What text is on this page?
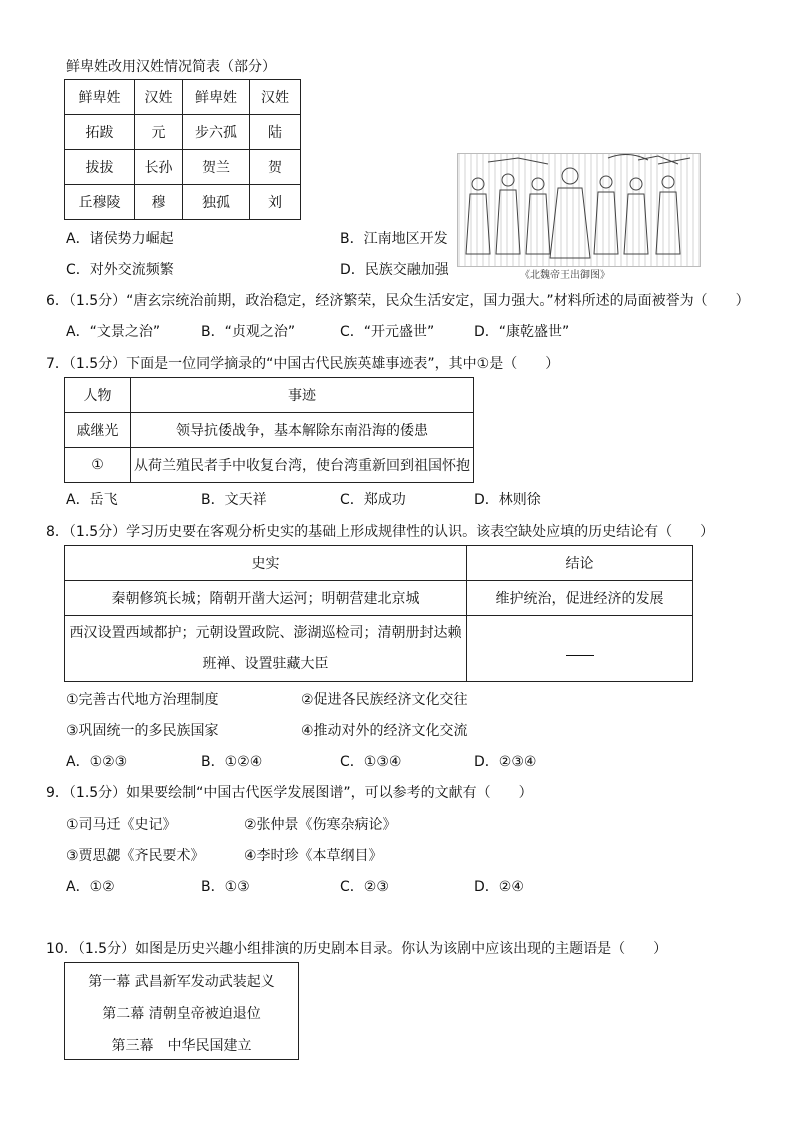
鲜卑姓改用汉姓情况简表（部分）
鲜卑姓	汉姓	鲜卑姓	汉姓
拓跋	元	步六孤	陆
拔拔	长孙	贺兰	贺
丘穆陵	穆	独孤	刘
《北魏帝王出御图》
A．诸侯势力崛起	B．江南地区开发
C．对外交流频繁	D．民族交融加强
6．（1.5分）“唐玄宗统治前期，政治稳定，经济繁荣，民众生活安定，国力强大。”材料所述的局面被誉为（　　）
A．“文景之治”	B．“贞观之治”	C．“开元盛世”	D．“康乾盛世”
7．（1.5分）下面是一位同学摘录的“中国古代民族英雄事迹表”，其中①是（　　）
人物	事迹
戚继光	领导抗倭战争，基本解除东南沿海的倭患
①	从荷兰殖民者手中收复台湾，使台湾重新回到祖国怀抱
A．岳飞	B．文天祥	C．郑成功	D．林则徐
8．（1.5分）学习历史要在客观分析史实的基础上形成规律性的认识。该表空缺处应填的历史结论有（　　）
史实	结论
秦朝修筑长城；隋朝开凿大运河；明朝营建北京城	维护统治，促进经济的发展

西汉设置西域都护；元朝设置政院、澎湖巡检司；清朝册封达赖
班禅、设置驻藏大臣	

①完善古代地方治理制度	②促进各民族经济文化交往
③巩固统一的多民族国家	④推动对外的经济文化交流
A．①②③	B．①②④	C．①③④	D．②③④
9．（1.5分）如果要绘制“中国古代医学发展图谱”，可以参考的文献有（　　）
①司马迁《史记》	②张仲景《伤寒杂病论》
③贾思勰《齐民要术》	④李时珍《本草纲目》
A．①②	B．①③	C．②③	D．②④
10．（1.5分）如图是历史兴趣小组排演的历史剧本目录。你认为该剧中应该出现的主题语是（　　）
第一幕 武昌新军发动武装起义
第二幕 清朝皇帝被迫退位
第三幕　中华民国建立
